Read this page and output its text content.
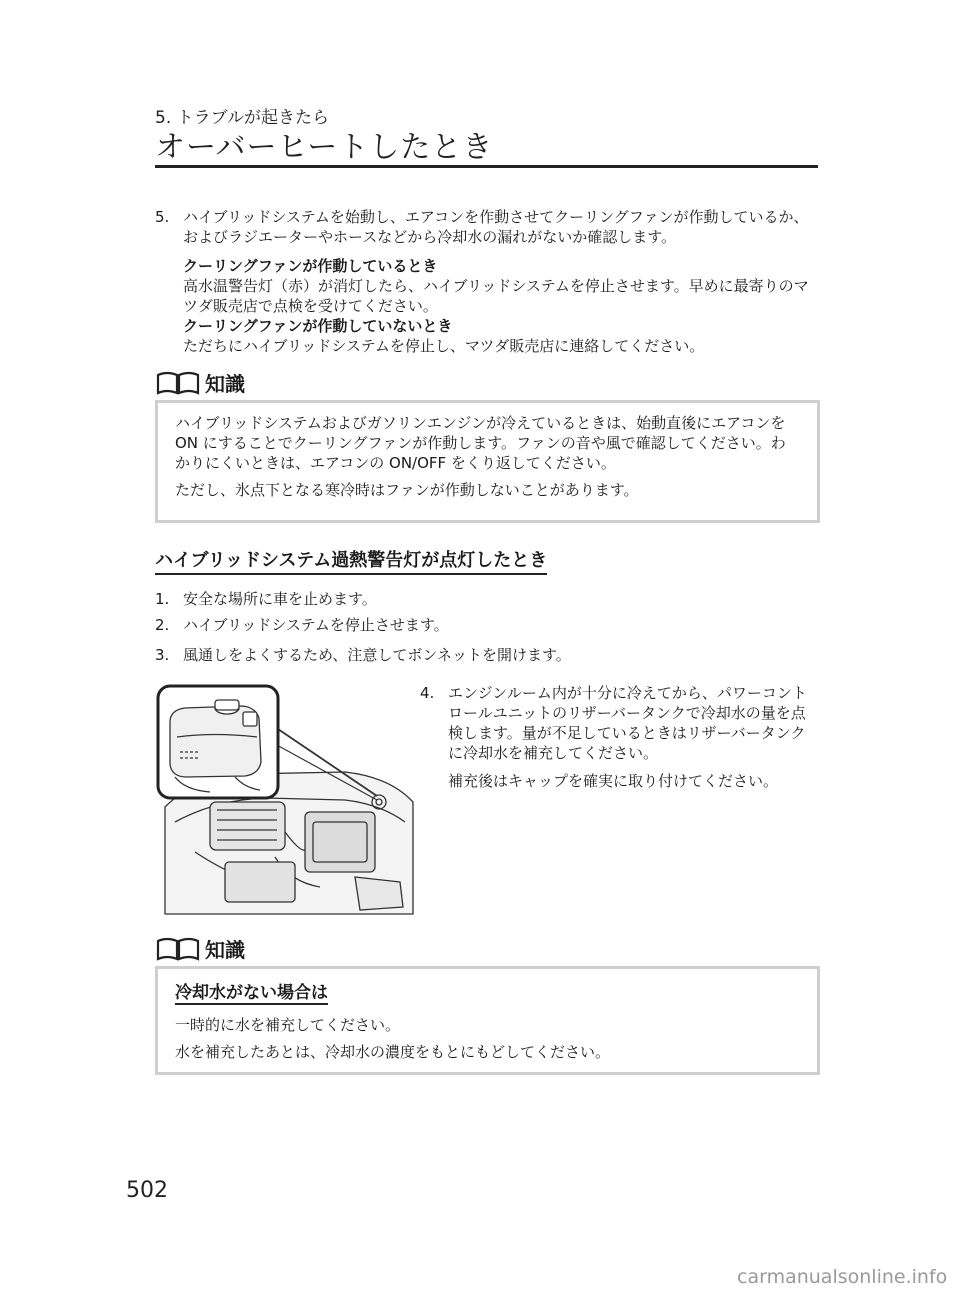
5. トラブルが起きたら
オーバーヒートしたとき
5. ハイブリッドシステムを始動し、エアコンを作動させてクーリングファンが作動しているか、およびラジエーターやホースなどから冷却水の漏れがないか確認します。
クーリングファンが作動しているとき
高水温警告灯（赤）が消灯したら、ハイブリッドシステムを停止させます。早めに最寄りのマツダ販売店で点検を受けてください。
クーリングファンが作動していないとき
ただちにハイブリッドシステムを停止し、マツダ販売店に連絡してください。
知識

ハイブリッドシステムおよびガソリンエンジンが冷えているときは、始動直後にエアコンを ON にすることでクーリングファンが作動します。ファンの音や風で確認してください。わかりにくいときは、エアコンの ON/OFF をくり返してください。

ただし、氷点下となる寒冷時はファンが作動しないことがあります。

ハイブリッドシステム過熱警告灯が点灯したとき
1. 安全な場所に車を止めます。
2. ハイブリッドシステムを停止させます。
3. 風通しをよくするため、注意してボンネットを開けます。
4. エンジンルーム内が十分に冷えてから、パワーコントロールユニットのリザーバータンクで冷却水の量を点検します。量が不足しているときはリザーバータンクに冷却水を補充してください。
補充後はキャップを確実に取り付けてください。
知識
冷却水がない場合は

一時的に水を補充してください。

水を補充したあとは、冷却水の濃度をもとにもどしてください。

502
carmanualsonline.info
